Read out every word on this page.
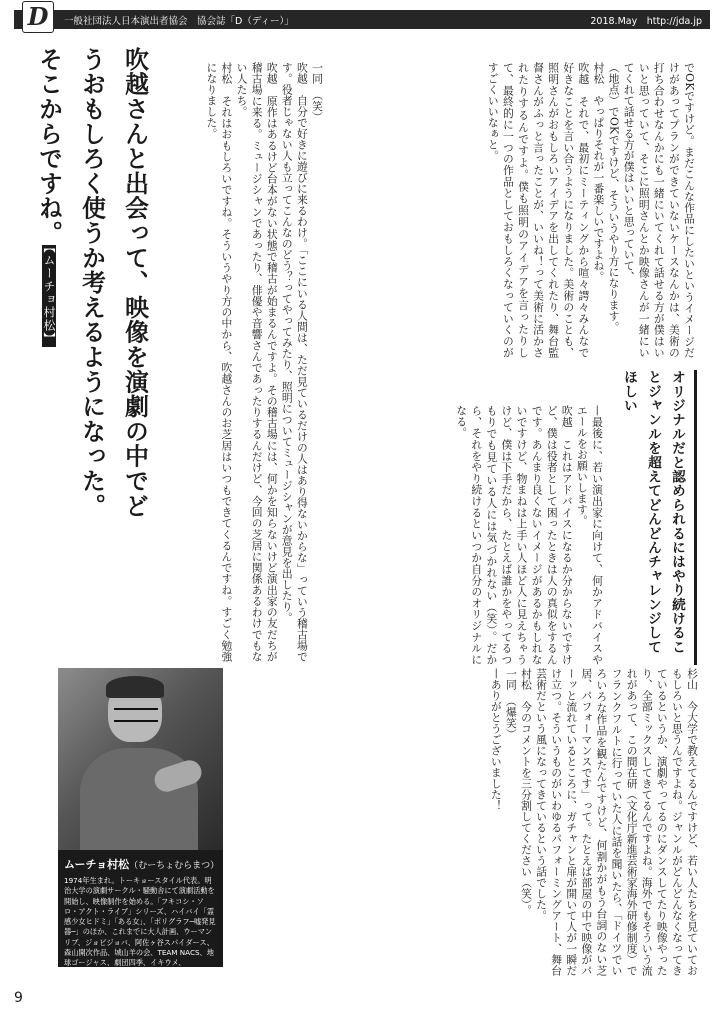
D	一般社団法人日本演出者協会　協会誌「D（ディー）」	2018.May　http://jda.jp
吹越さんと出会って、映像を演劇の中でどうおもしろく使うか考えるようになった。そこからですね。【ムーチョ村松】
オリジナルだと認められるにはやり続けることジャンルを超えてどんどんチャレンジしてほしい

でOKですけど。まだこんな作品にしたいというイメージだけがあってプランができていないケースなんかは、美術の打ち合わせなんかにも一緒にいてくれて話せる方が僕はいいと思っていて、そこに照明さんとか映像さんが一緒にいてくれて話せる方が僕はいいと思っていて、

（地点）でOKですけど、そういうやり方になります。

村松　やっぱりそれが一番楽しいですよね。

吹越　それで、最初にミーティングから喧々諤々みんなで好きなことを言い合うようになりました。美術のことも、照明さんがおもしろいアイデアを出してくれたり、舞台監督さんがふっと言ったことが、いいね！って美術に活かされたりするんですよ。僕も照明のアイデアを言ったりして、最終的に一つの作品としておもしろくなっていくのがすごくいいなぁと。

一同　（笑）

吹越　自分で好きに遊びに来るわけ。「ここにいる人間は、ただ見ているだけの人はあり得ないからな」っていう稽古場です。役者じゃない人も立ってこんなのどう？ってやってみたり、照明についてミュージシャンが意見を出したり。

吹越　原作はあるけど台本がない状態で稽古が始まるんですよ。その稽古場には、何かを知らないけど演出家の友だちが稽古場に来る。ミュージシャンであったり、俳優や音響さんであったりするんだけど、今回の芝居に関係あるわけでもない人たち。

村松　それはおもしろいですね。そういうやり方の中から、吹越さんのお芝居はいつもできてくるんですね。すごく勉強になりました。

—最後に、若い演出家に向けて、何かアドバイスやエールをお願いします。

吹越　これはアドバイスになるか分からないですけど、僕は役者として困ったときは人の真似をするんです。あんまり良くないイメージがあるかもしれないですけど、物まねは上手い人ほど人に見えちゃうけど、僕は下手だから、たとえば誰かをやってるつもりでも見ている人には気づかれない（笑）。だから、それをやり続けるといつか自分のオリジナルになる。

杉山　今大学で教えてるんですけど、若い人たちを見ていておもしろいと思うんですよね。ジャンルがどんどんなくなってきているというか、演劇やってるのにダンスしてたり映像やったり、全部ミックスしてきてるんですよね。海外でもそういう流れがあって、この間在研（文化庁新進芸術家海外研修制度）でフランクフルトに行っていた人に話を聞いたら、「ドイツでいろいろな作品を観たんですけど、何割かがもう台詞のない芝居、パフォーマンスです」って。たとえば部屋の中で映像がパーッと流れているところに、ガチャンと扉が開いて人が一瞬だけ立つ。そういうものがいわゆるパフォーミングアート、舞台芸術だという風になってきているという話でした。

村松　今のコメントを三分割してください（笑）。

一同　（爆笑）

—ありがとうございました！

ムーチョ村松（むーちょむらまつ）

1974年生まれ。トーキョースタイル代表。明治大学の演劇サークル・騒動舎にて演劇活動を開始し、映像制作を始める。「フキコシ・ソロ・アクト・ライブ」シリーズ、ハイバイ「霊感少女ヒドミ」「ある女」、「ポリグラフ─嘘発見器─」のほか、これまでに大人計画、ウーマンリブ、ジョビジョバ、阿佐ヶ谷スパイダース、森山開次作品、城山羊の会、TEAM NACS、地球ゴージャス、劇団四季、イキウメ、HIGHLEG JESUS、劇団鹿殺しなどの映像を手がけている。

9
